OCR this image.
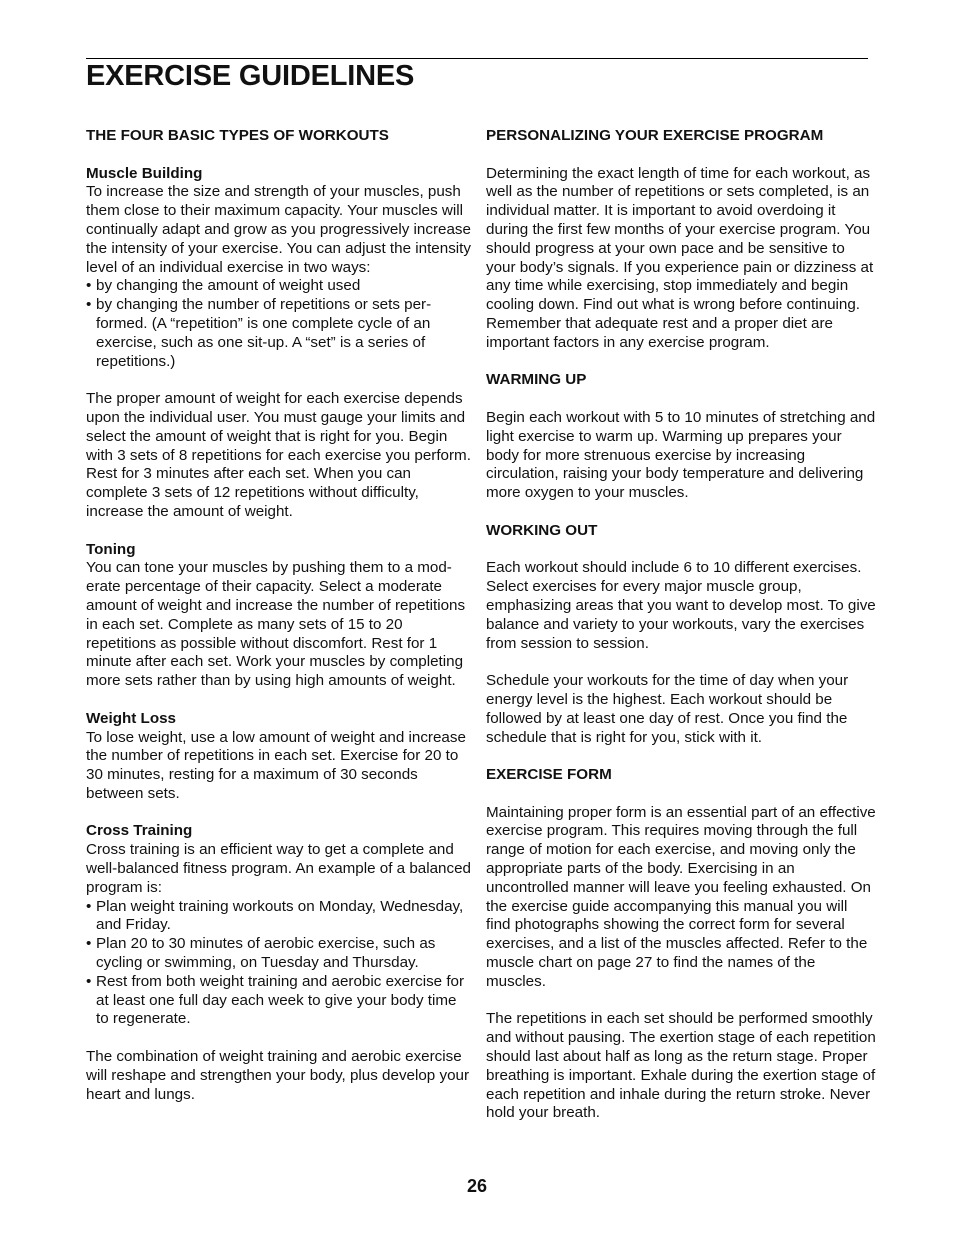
EXERCISE GUIDELINES
THE FOUR BASIC TYPES OF WORKOUTS
Muscle Building

To increase the size and strength of your muscles, push them close to their maximum capacity. Your muscles will continually adapt and grow as you progressively increase the intensity of your exercise. You can adjust the intensity level of an individual exercise in two ways:

• by changing the amount of weight used
• by changing the number of repetitions or sets performed. (A “repetition” is one complete cycle of an exercise, such as one sit-up. A “set” is a series of repetitions.)

The proper amount of weight for each exercise depends upon the individual user. You must gauge your limits and select the amount of weight that is right for you. Begin with 3 sets of 8 repetitions for each exercise you perform. Rest for 3 minutes after each set. When you can complete 3 sets of 12 repetitions without difficulty, increase the amount of weight.

Toning

You can tone your muscles by pushing them to a moderate percentage of their capacity. Select a moderate amount of weight and increase the number of repetitions in each set. Complete as many sets of 15 to 20 repetitions as possible without discomfort. Rest for 1 minute after each set. Work your muscles by completing more sets rather than by using high amounts of weight.

Weight Loss

To lose weight, use a low amount of weight and increase the number of repetitions in each set. Exercise for 20 to 30 minutes, resting for a maximum of 30 seconds between sets.

Cross Training

Cross training is an efficient way to get a complete and well-balanced fitness program. An example of a balanced program is:

• Plan weight training workouts on Monday, Wednesday, and Friday.
• Plan 20 to 30 minutes of aerobic exercise, such as cycling or swimming, on Tuesday and Thursday.
• Rest from both weight training and aerobic exercise for at least one full day each week to give your body time to regenerate.

The combination of weight training and aerobic exercise will reshape and strengthen your body, plus develop your heart and lungs.

PERSONALIZING YOUR EXERCISE PROGRAM

Determining the exact length of time for each workout, as well as the number of repetitions or sets completed, is an individual matter. It is important to avoid overdoing it during the first few months of your exercise program. You should progress at your own pace and be sensitive to your body’s signals. If you experience pain or dizziness at any time while exercising, stop immediately and begin cooling down. Find out what is wrong before continuing. Remember that adequate rest and a proper diet are important factors in any exercise program.

WARMING UP

Begin each workout with 5 to 10 minutes of stretching and light exercise to warm up. Warming up prepares your body for more strenuous exercise by increasing circulation, raising your body temperature and delivering more oxygen to your muscles.

WORKING OUT

Each workout should include 6 to 10 different exercises. Select exercises for every major muscle group, emphasizing areas that you want to develop most. To give balance and variety to your workouts, vary the exercises from session to session.

Schedule your workouts for the time of day when your energy level is the highest. Each workout should be followed by at least one day of rest. Once you find the schedule that is right for you, stick with it.

EXERCISE FORM

Maintaining proper form is an essential part of an effective exercise program. This requires moving through the full range of motion for each exercise, and moving only the appropriate parts of the body. Exercising in an uncontrolled manner will leave you feeling exhausted. On the exercise guide accompanying this manual you will find photographs showing the correct form for several exercises, and a list of the muscles affected. Refer to the muscle chart on page 27 to find the names of the muscles.

The repetitions in each set should be performed smoothly and without pausing. The exertion stage of each repetition should last about half as long as the return stage. Proper breathing is important. Exhale during the exertion stage of each repetition and inhale during the return stroke. Never hold your breath.

26
